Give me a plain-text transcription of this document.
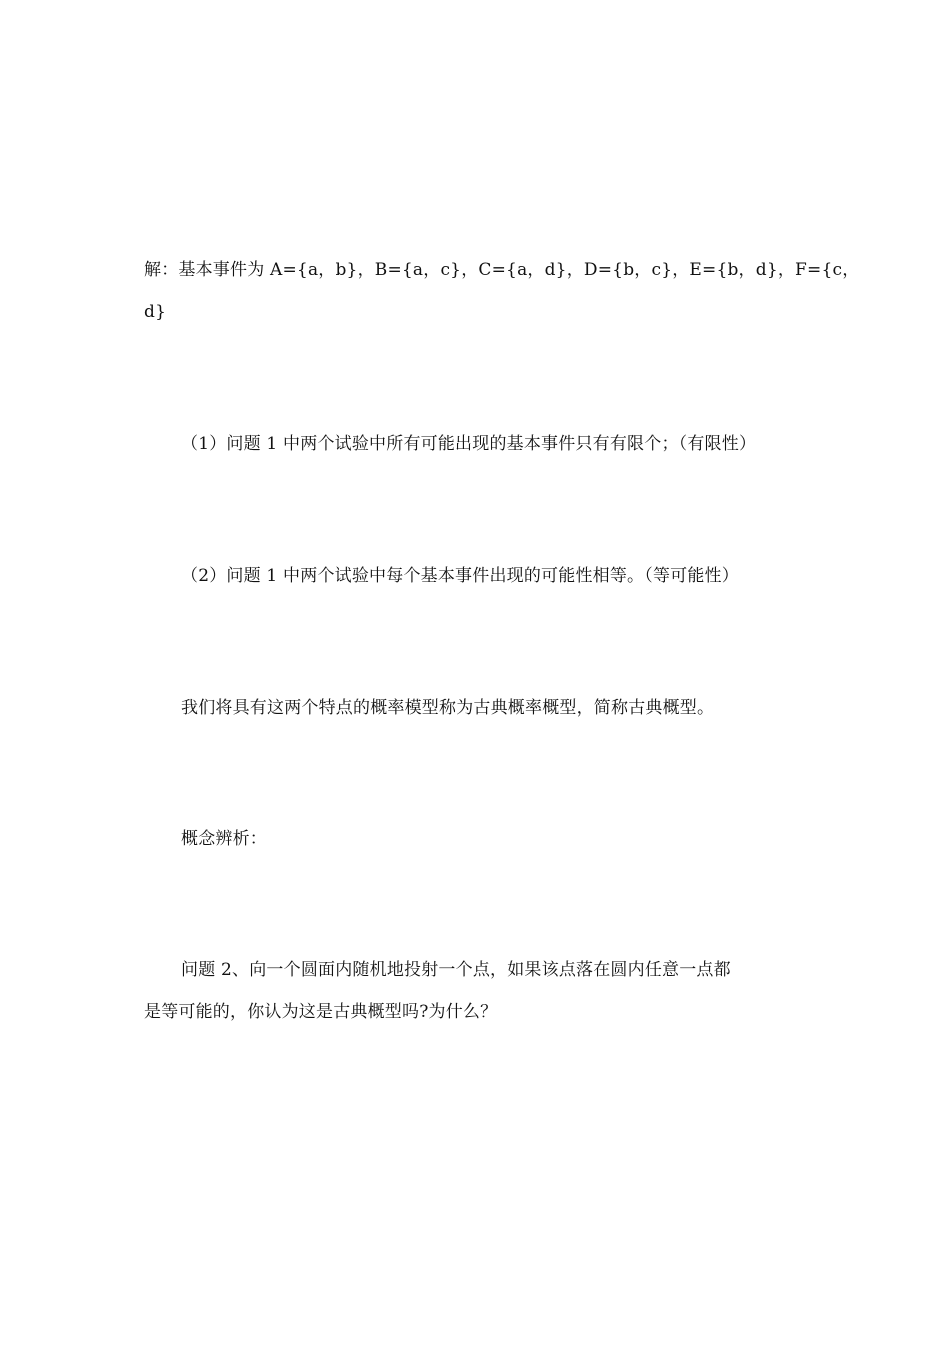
解：基本事件为 A={a，b}，B={a，c}，C={a，d}，D={b，c}，E={b，d}，F={c，
d}
（1）问题 1 中两个试验中所有可能出现的基本事件只有有限个；（有限性）
（2）问题 1 中两个试验中每个基本事件出现的可能性相等。（等可能性）
我们将具有这两个特点的概率模型称为古典概率概型，简称古典概型。
概念辨析：
问题 2、向一个圆面内随机地投射一个点，如果该点落在圆内任意一点都
是等可能的，你认为这是古典概型吗?为什么？
